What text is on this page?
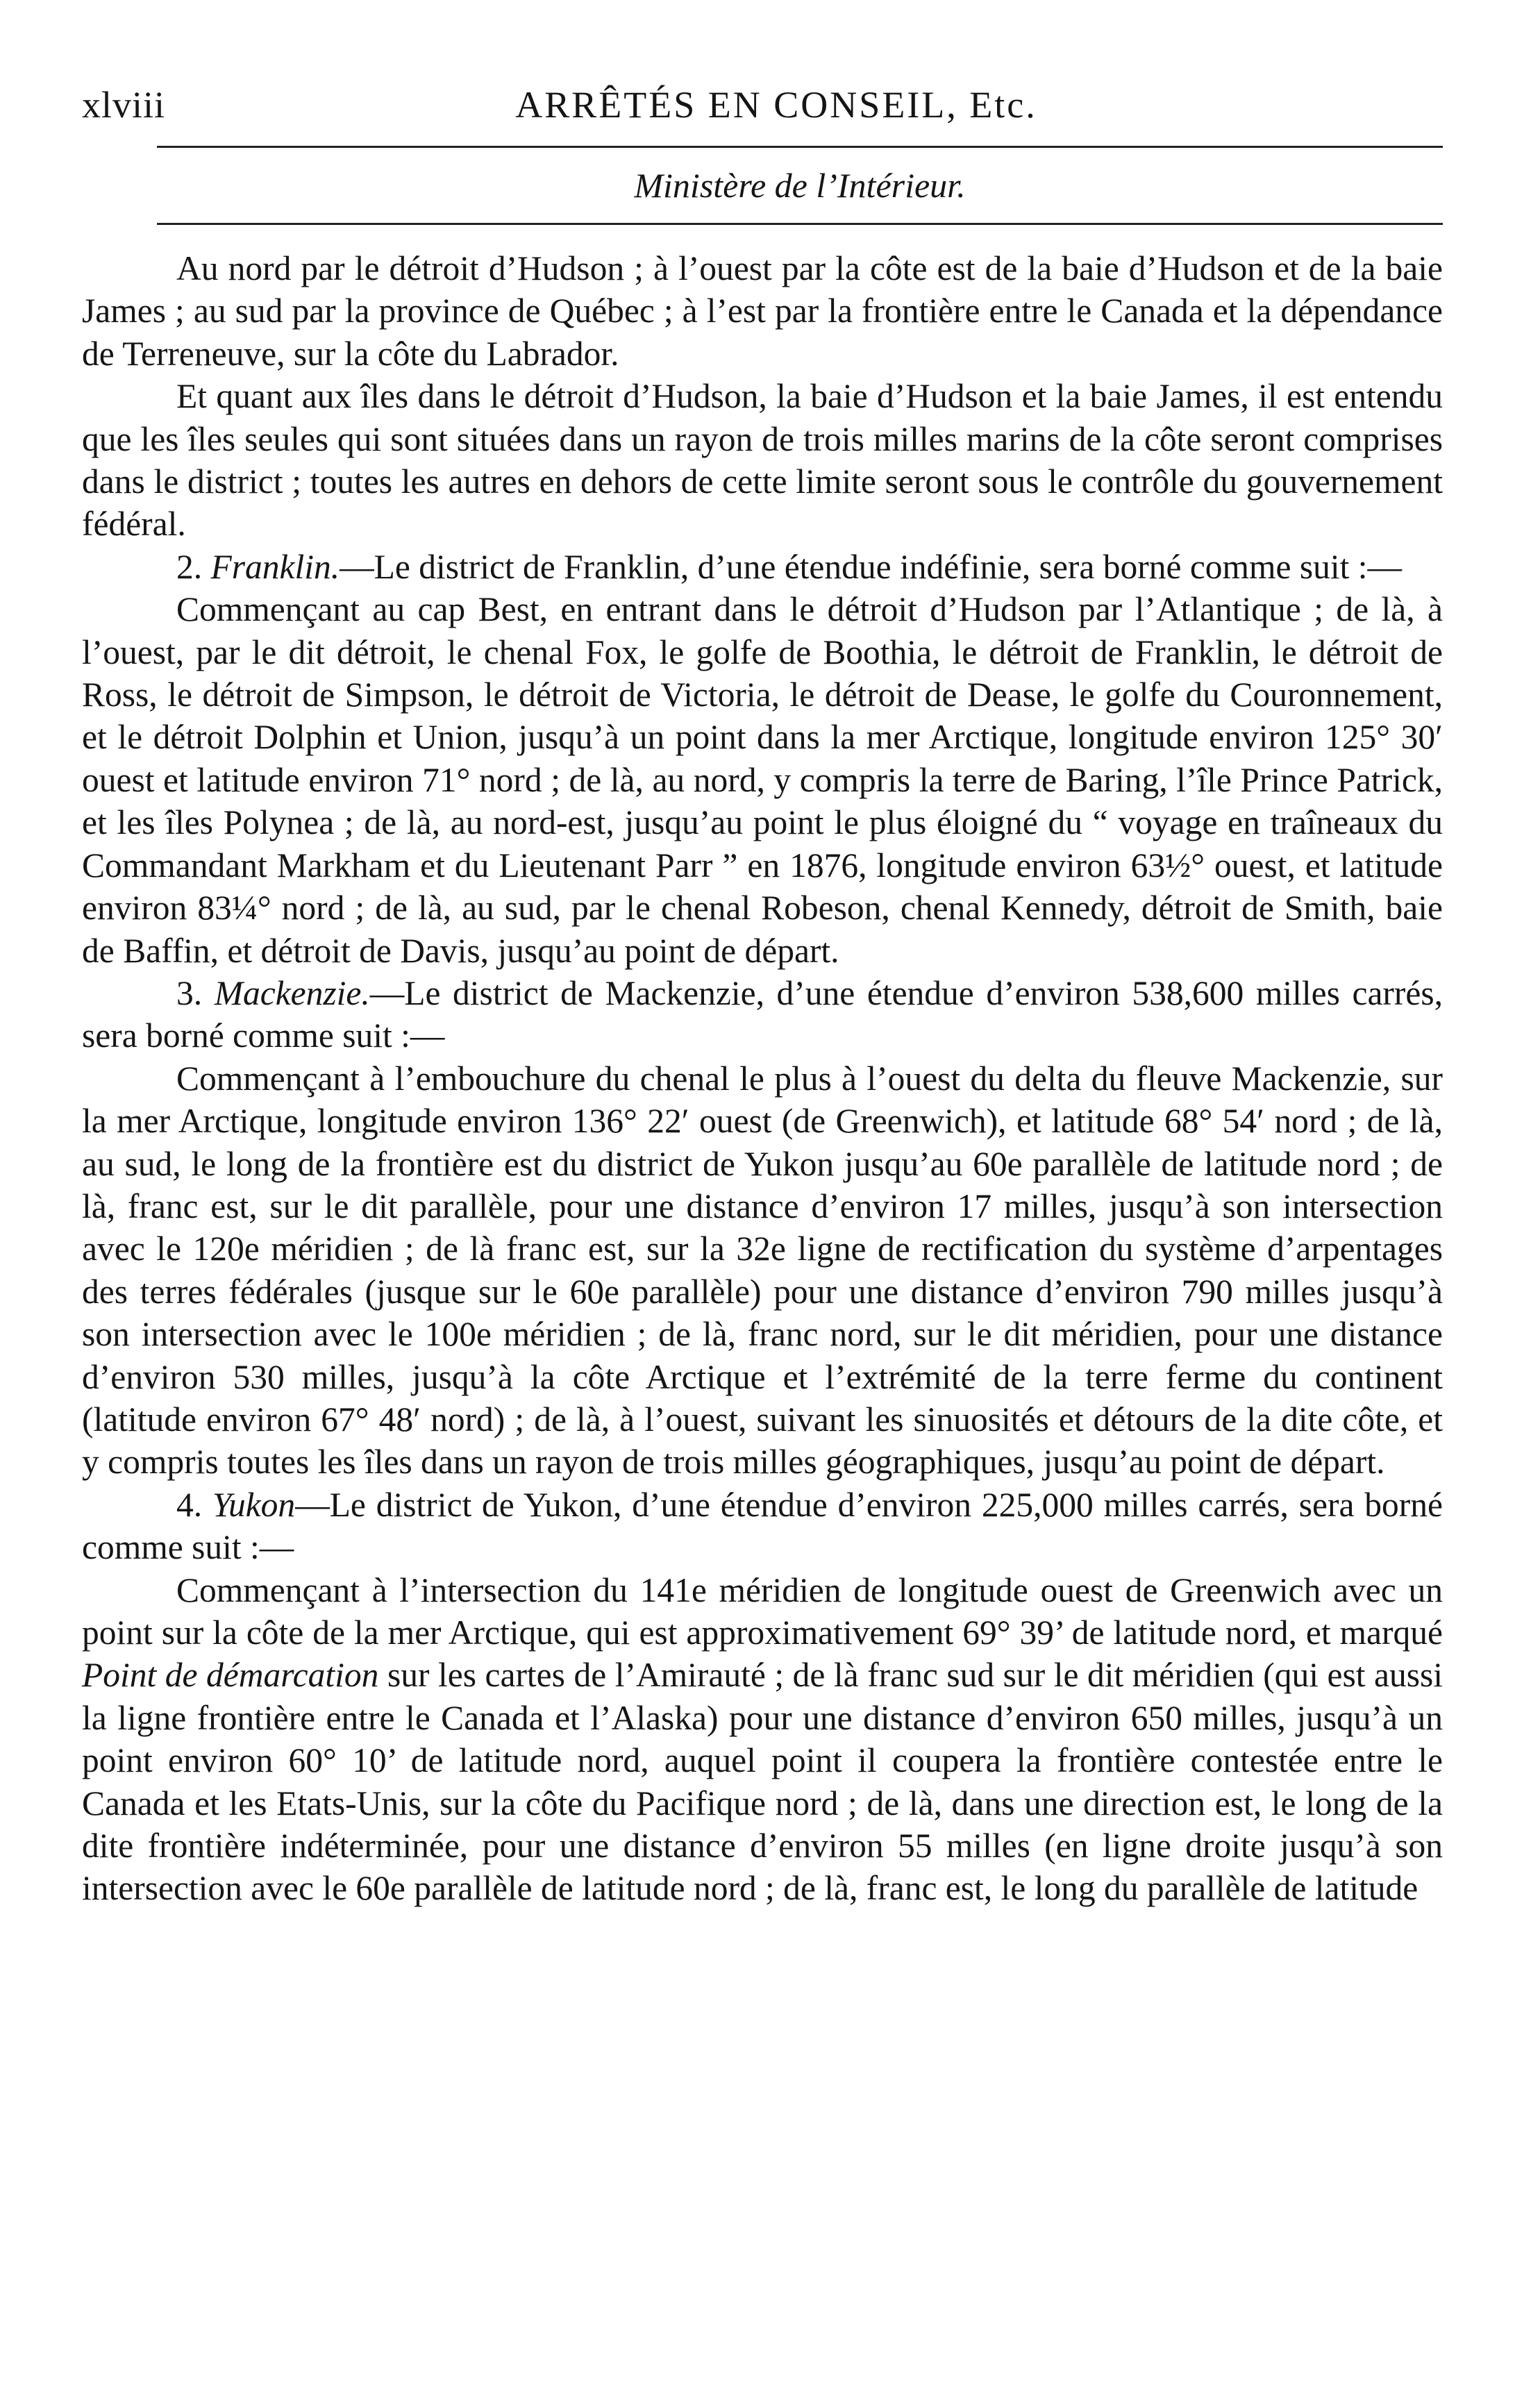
xlviii	ARRÊTÉS EN CONSEIL, Etc.
Ministère de l’Intérieur.

Au nord par le détroit d’Hudson ; à l’ouest par la côte est de la baie d’Hudson et de la baie James ; au sud par la province de Québec ; à l’est par la frontière entre le Canada et la dépendance de Terreneuve, sur la côte du Labrador.

Et quant aux îles dans le détroit d’Hudson, la baie d’Hudson et la baie James, il est entendu que les îles seules qui sont situées dans un rayon de trois milles marins de la côte seront comprises dans le district ; toutes les autres en dehors de cette limite seront sous le contrôle du gouvernement fédéral.

2. Franklin.—Le district de Franklin, d’une étendue indéfinie, sera borné comme suit :—

Commençant au cap Best, en entrant dans le détroit d’Hudson par l’Atlantique ; de là, à l’ouest, par le dit détroit, le chenal Fox, le golfe de Boothia, le détroit de Franklin, le détroit de Ross, le détroit de Simpson, le détroit de Victoria, le détroit de Dease, le golfe du Couronnement, et le détroit Dolphin et Union, jusqu’à un point dans la mer Arctique, longitude environ 125° 30′ ouest et latitude environ 71° nord ; de là, au nord, y compris la terre de Baring, l’île Prince Patrick, et les îles Polynea ; de là, au nord-est, jusqu’au point le plus éloigné du “ voyage en traîneaux du Commandant Markham et du Lieutenant Parr ” en 1876, longitude environ 63½° ouest, et latitude environ 83¼° nord ; de là, au sud, par le chenal Robeson, chenal Kennedy, détroit de Smith, baie de Baffin, et détroit de Davis, jusqu’au point de départ.

3. Mackenzie.—Le district de Mackenzie, d’une étendue d’environ 538,600 milles carrés, sera borné comme suit :—

Commençant à l’embouchure du chenal le plus à l’ouest du delta du fleuve Mackenzie, sur la mer Arctique, longitude environ 136° 22′ ouest (de Greenwich), et latitude 68° 54′ nord ; de là, au sud, le long de la frontière est du district de Yukon jusqu’au 60e parallèle de latitude nord ; de là, franc est, sur le dit parallèle, pour une distance d’environ 17 milles, jusqu’à son intersection avec le 120e méridien ; de là franc est, sur la 32e ligne de rectification du système d’arpentages des terres fédérales (jusque sur le 60e parallèle) pour une distance d’environ 790 milles jusqu’à son intersection avec le 100e méridien ; de là, franc nord, sur le dit méridien, pour une distance d’environ 530 milles, jusqu’à la côte Arctique et l’extrémité de la terre ferme du continent (latitude environ 67° 48′ nord) ; de là, à l’ouest, suivant les sinuosités et détours de la dite côte, et y compris toutes les îles dans un rayon de trois milles géographiques, jusqu’au point de départ.

4. Yukon—Le district de Yukon, d’une étendue d’environ 225,000 milles carrés, sera borné comme suit :—

Commençant à l’intersection du 141e méridien de longitude ouest de Greenwich avec un point sur la côte de la mer Arctique, qui est approximativement 69° 39’ de latitude nord, et marqué Point de démarcation sur les cartes de l’Amirauté ; de là franc sud sur le dit méridien (qui est aussi la ligne frontière entre le Canada et l’Alaska) pour une distance d’environ 650 milles, jusqu’à un point environ 60° 10’ de latitude nord, auquel point il coupera la frontière contestée entre le Canada et les Etats-Unis, sur la côte du Pacifique nord ; de là, dans une direction est, le long de la dite frontière indéterminée, pour une distance d’environ 55 milles (en ligne droite jusqu’à son intersection avec le 60e parallèle de latitude nord ; de là, franc est, le long du parallèle de latitude
